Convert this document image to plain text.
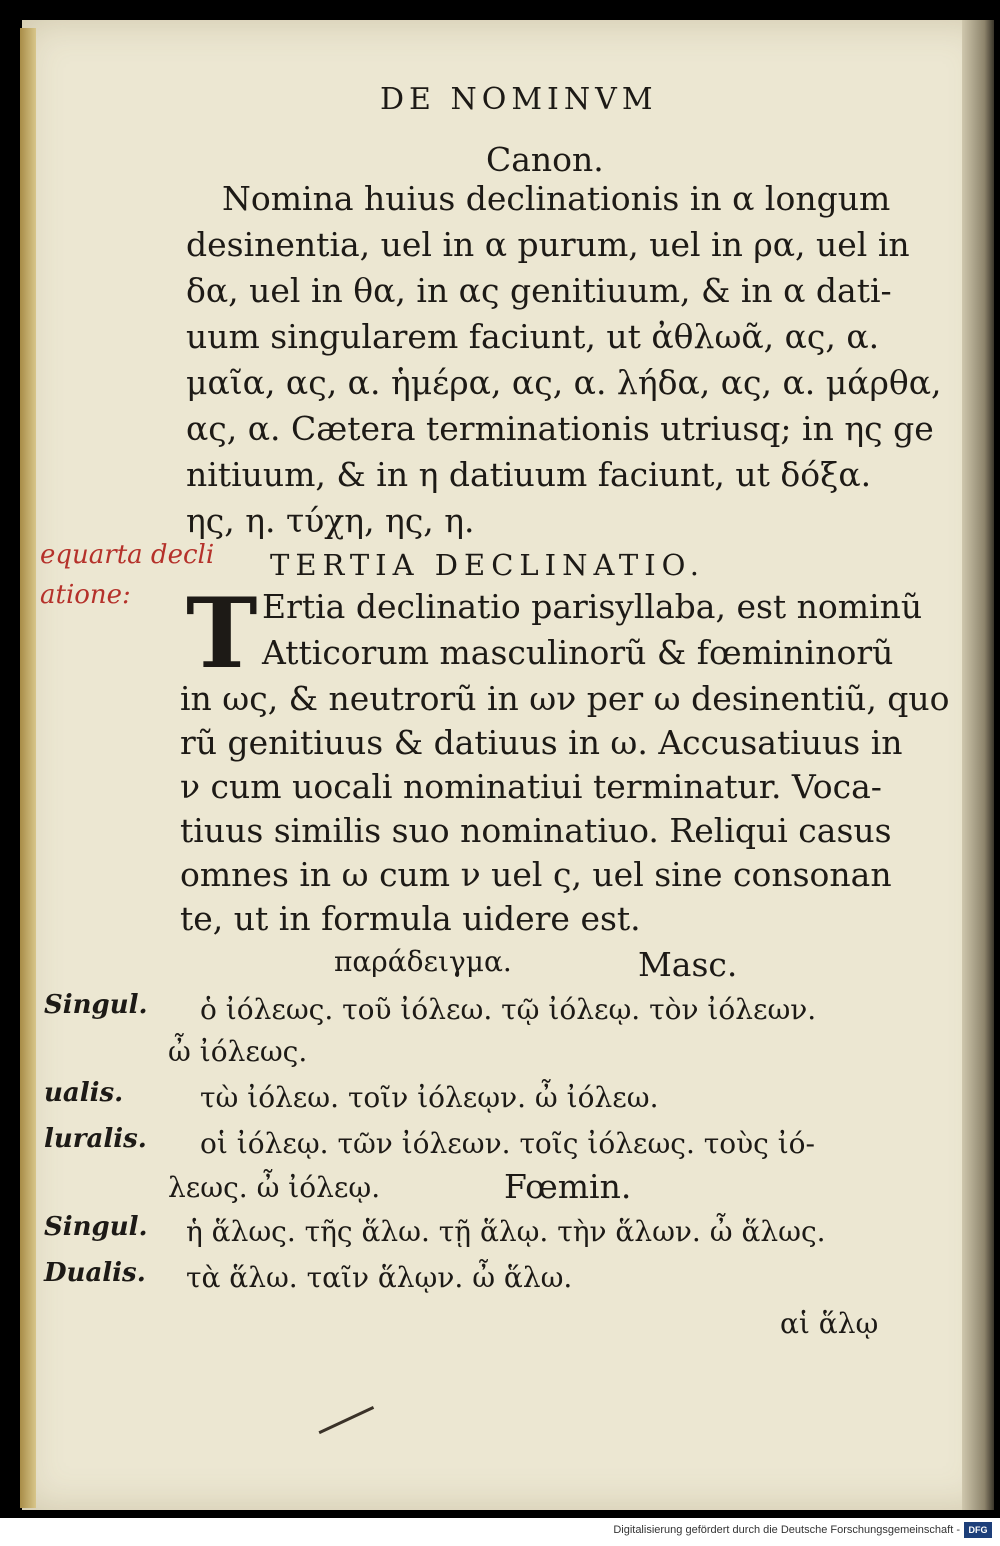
DE NOMINVM
Canon.
Nomina huius declinationis in α longum
desinentia, uel in α purum, uel in ρα, uel in
δα, uel in θα, in ας genitiuum, & in α dati-
uum singularem faciunt, ut ἀθλωᾶ, ας, α.
μαῖα, ας, α. ἡμέρα, ας, α. λήδα, ας, α. μάρθα,
ας, α. Cætera terminationis utriusq; in ης ge
nitiuum, & in η datiuum faciunt, ut δόξα.
ης, η. τύχη, ης, η.
equarta decli
atione:
TERTIA DECLINATIO.
T Ertia declinatio parisyllaba, est nominũ
Atticorum masculinorũ & fœmininorũ
in ως, & neutrorũ in ων per ω desinentiũ, quo
rũ genitiuus & datiuus in ω. Accusatiuus in
ν cum uocali nominatiui terminatur. Voca-
tiuus similis suo nominatiuo. Reliqui casus
omnes in ω cum ν uel ς, uel sine consonan
te, ut in formula uidere est.
παράδειγμα.	Masc.
Singul. ὁ ἰόλεως. τοῦ ἰόλεω. τῷ ἰόλεῳ. τὸν ἰόλεων.
ὦ ἰόλεως.
ualis.	τὼ ἰόλεω. τοῖν ἰόλεῳν. ὦ ἰόλεω.
luralis. οἱ ἰόλεῳ. τῶν ἰόλεων. τοῖς ἰόλεως. τοὺς ἰό-
λεως. ὦ ἰόλεῳ.	Fœmin.
Singul. ἡ ἅλως. τῆς ἅλω. τῇ ἅλῳ. τὴν ἅλων. ὦ ἅλως.
Dualis. τὰ ἅλω. ταῖν ἅλῳν. ὦ ἅλω.
αἱ ἅλῳ
Digitalisierung gefördert durch die Deutsche Forschungsgemeinschaft - DFG
